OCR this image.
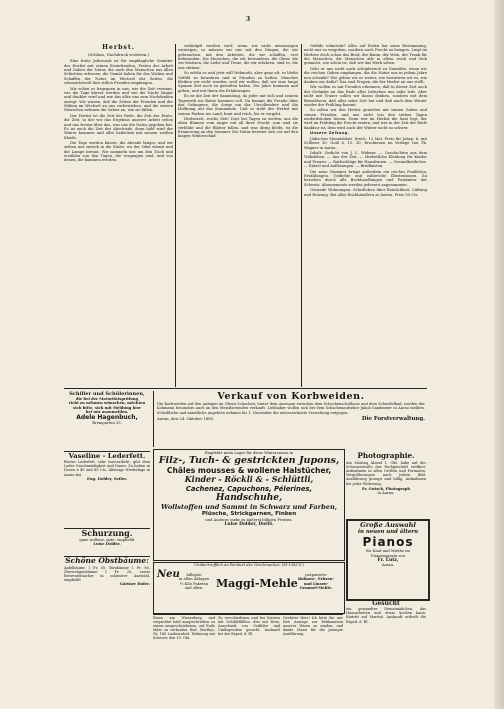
3
Herbst.
(Schluss, Nachdruck verboten.)

Eine frohe Jahreszeit ist für empfängliche Gemüter der Herbst mit seinen Erntefreuden, Festen der Arbeit und Gaben der Natur, die auch den Menschen aus allen Schichten erfreuen, die Gemüt haben für das Wirken und Schaffen der Natur im Wechsel der Zeiten, die sehnsuchtsvoll ihre stillen Freuden empfangen.

Wir sehen es begegnen in uns, wie die Zeit verrinnt, wie die Tage kürzer werden und wie die Nacht länger und dunkler wird und wie das alles uns zum Nachdenken anregt. Wir wissen, daß die Zeiten der Freuden und der Mühen im Wechsel an uns vorbeiziehen, und die weisen Menschen nehmen die Gaben an, wie sie fallen.

Der Herbst ist die Zeit der Reife, die Zeit der Ernte, die Zeit, in der wir das Ergebnis unserer Arbeit sehen und uns freuen über das, was uns die Natur gegeben hat. Es ist auch die Zeit des Abschieds, denn bald wird der Winter kommen und alles bedecken mit seinem weißen Kleide.

Die Tage werden kürzer, die Abende länger, und wir ziehen uns zurück in die Stube, wo der Ofen wärmt und die Lampe brennt. Wir sammeln uns um den Tisch und erzählen von den Tagen, die vergangen sind, und von denen, die kommen werden.

verknüpft werden wird, wenn wir nicht mitzusorgen vermögen, so müssen wir uns mit den Dingen, die wir gebrauchen, mit den Arbeiten, die wir schaffen, erst befreunden. Die Menschen, die wir bewundern, die Güter, die wir besitzen, die Liebe und Treue, die wir erfahren, sind es, die uns stützen.

So erlebt es und jetzt will Wehmuth, aber ganz oft, es bleibt Gefühl zu bewahren und in Stunden zu halten. Manches bleiben wir nicht werden, weil wir wollen, daß wir eine lange Spanne Zeit noch zu gestalten haben. Die Jahre kommen und gehen, und mit ihnen die Erfahrungen.

Es ist die Zeit der Sammlung, da jeder mit sich und seinem Tagewerk ins Reine kommen soll. Da kommt die Freude über das Gelungene, die Sorge um das Unvollendete und die Hoffnung auf das Kommende. Und so zieht der Herbst mit seinen Farben ins Land, bunt und reich, bis er vergeht.

Herbstzeit, reiche Zeit! Dort bei Tagen zu werfen, aus die alten Blumen vom Anger mit all ihrer Pracht; nun sind sie verblüht und die Blätter fallen, und was übrig bleibt, ist die Erinnerung an den Sommer. Die Natur bereitet sich vor auf den langen Winterschlaf.

Gefilde schmückt? Alles auf Erden hat seine Bestimmung, nicht nur zu vergehen, sondern auch Frucht zu bringen. Liegt im Herbste doch schon das Brod, der Baum, der Wein, der Trank für die Menschen, die Menschen alle in allem reich und froh gemacht, wie schön ist, daß wir das Werk sehen.

Geht er uns nicht auch schöpferisch zu Gemüthe, wenn wir die reichen Gaben empfangen, die die Natur uns in jedem Jahre neu schenkt? Wie geben wir es weiter, wie bewahren wir es, wie danken wir dafür? Das sind Fragen, die der Herbst an uns stellt.

Wir wollen es mit Freuden erkennen, daß in dieser Zeit auch der Gedanke an das Ende alles Irdischen uns nahe tritt. Aber nicht mit Trauer sollen wir daran denken, sondern mit dem Bewußtsein, daß alles seine Zeit hat und daß nach dem Winter wieder der Frühling kommt.

So sollen wir den Herbst genießen mit seinen Gaben und seinen Freuden, und uns nicht von den trüben Tagen niederdrücken lassen. Denn wer im Herbst die Saat legt, der wird im Frühling die Frucht ernten, und wer in der Zeit der Reife dankbar ist, dem wird auch der Winter nicht zu schwer.

Unsere Zeitung.

Jüdisches Monatsblatt. Ersch. 12 Mal. Preis für Jahrg. 6, mit Schleier 30, Gold 6. 15. 30. Erschienen im Verlage von Th. Wagner in Aarau.

Inhalt: Gedicht von J. L. Widmer. — Geschichten aus dem Volksleben. — Aus der Zeit. — Herbstliche Kleidung für Kinder und Frauen. — Rathschläge für Hausfrauen. — Gesundheitliches. — Rätsel und Auflösungen. — Briefkasten.

Die neue Nummer bringt außerdem ein reiches Feuilleton, Erzählungen, Gedichte und zahlreiche Illustrationen. Zu beziehen durch alle Buchhandlungen und Postämter der Schweiz. Abonnements werden jederzeit angenommen.

Gesunde Wohnungen. Schriftchen über Reinlichkeit, Lüftung und Heizung. Bei allen Buchhändlern zu haben. Preis 50 Cts.

Schiller und Schülerinnen,
die bei der Maturitätsprüfung
richt zu nehmen wünschen, möchten
sich bitte, sich mit Meldung hier
bei mir anzumelden.
Adele Hagenbuch,
Bremgarten 33.
Verkauf von Korbweiden.
Die Korbweiden auf den Anlagen im Obern Schachen, hinter dem Aarequai zwischen dem Schachenschulhaus und dem Schwefelbad, werden der Kohmann besonders auch an den Meistbietenden verkauft. Liebhaber wollen sich bei dem Schachenaufseher Jakob Sandmeier in Aarau melden. Schriftliche und mündliche Angebote nehmen bis 1. November die unterzeichnete Verwaltung entgegen.
Aarau, den 24. Oktober 1885.	Die Forstverwaltung.
Photographie.
Am Montag Abend 1. Okt. habe auf der Schwarzstraße das Fachgeschäft eröffnet. Aufnahmen in allen Größen und Formaten. Vergrößerungen nach jedem Bild. Ausführung prompt und billig. Aufnahmen bei jeder Witterung.
Fr. Gutsch, Photograph
in Aarau.
Vaseline - Lederfett.
Bestes Lederfett, sehr wasserdicht, gibt dem Leder Geschmeidigkeit und Dauer. Zu haben in Dosen à 40 und 80 Cts. Alleinige Niederlage in Aarau bei
Eug. Dolder, Seiler.
Schurzung.
ganz wollene, gute, empfiehlt
Luise Dolder.
Schöne Obstbäume:
Apfelbäume 1 Fr. 50, Birnbäume 1 Fr. 80, Zwetschgenbäume 1 Fr. 20, sowie Beerensträucher in schönster Auswahl, empfiehlt
Gärtner Hofer.
Empfehle mein Lager für diese Wintersaison in
Filz-, Tuch- & gestrickten Jupons,
Châles mousses & wollene Halstücher,
Kinder - Röckli & - Schlüttli,
Cachenez, Capuchons, Pélerines,
Handschuhe,
Wollstoffen und Sammt in Schwarz und Farben,
Plüsche, Strickgarnen, Finken
und Anderes mehr zu äußerst billigen Preisen.
Luise Dolder, Dorfe.
Unübertrefflich an Feinheit des Geschmackes: (M-1383-Z.)
Neu	billigste
in allen Ablagen
½ Kilo Paketen
und offen.	Maggi-Mehle
präparierte
Bohnen-, Erbsen-
und Linsen-
Gemmel-Mehle.
Große Auswahl
in neuen und ältern
Pianos
für Kauf und Miethe im
Pianomagazin von
Fr. Lutz,
Aarau.
Gesucht
ein gewandtes Dienstmädchen, das Hausarbeiten und etwas kochen kann. Eintritt auf Martini. Auskunft ertheilt die Exped. d. Bl.
Einen am Wiesenberg und verpachtet bald ausgeschrieben zu einem ausgeschriebenen, auf Ende März zu verkaufen Rud. Matthys, Nr. 188 Laubensdorf. Wohnung mit Scheuer, den 10. Okt.
Zu verschiedenen und bei Kiesten mit Schildelfällen, den mit Wein, Ausschank von Ostfilder und Umliegendem gesucht. Auskunft bei der Exped. d. Bl.
Geehrter Herr! Ich bitte Sie, mir Ihre Anzeige zur Reklamation unserer Waren zu senden, und danke Ihnen für die prompte Ausführung.
